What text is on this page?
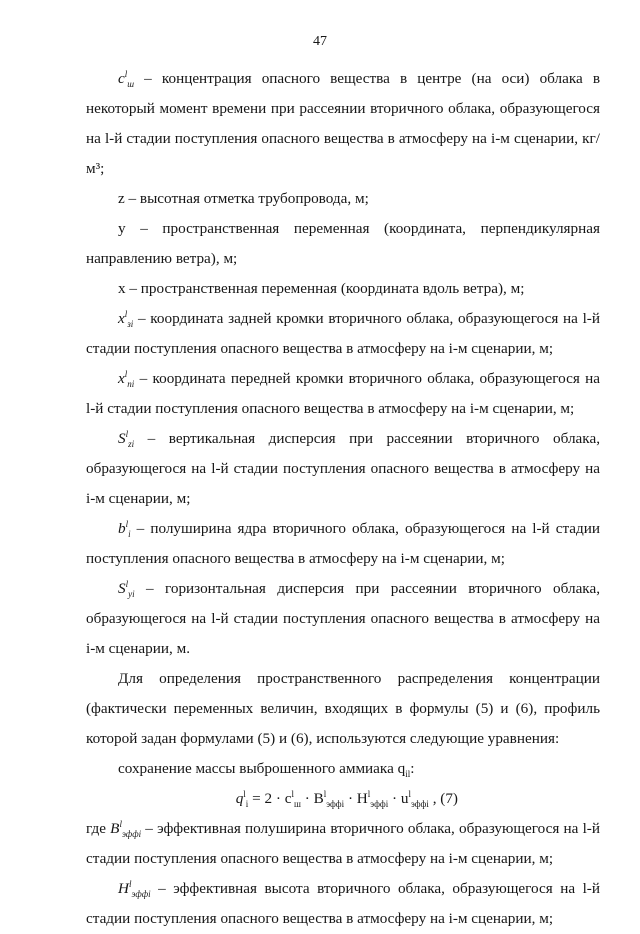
47
$c^l_ш$ – концентрация опасного вещества в центре (на оси) облака в некоторый момент времени при рассеянии вторичного облака, образующегося на l-й стадии поступления опасного вещества в атмосферу на i-м сценарии, кг/м³;
z – высотная отметка трубопровода, м;
у – пространственная переменная (координата, перпендикулярная направлению ветра), м;
х – пространственная переменная (координата вдоль ветра), м;
$x^l_{зi}$ – координата задней кромки вторичного облака, образующегося на l-й стадии поступления опасного вещества в атмосферу на i-м сценарии, м;
$x^l_{пi}$ – координата передней кромки вторичного облака, образующегося на l-й стадии поступления опасного вещества в атмосферу на i-м сценарии, м;
$S^l_{zi}$ – вертикальная дисперсия при рассеянии вторичного облака, образующегося на l-й стадии поступления опасного вещества в атмосферу на i-м сценарии, м;
$b^l_i$ – полуширина ядра вторичного облака, образующегося на l-й стадии поступления опасного вещества в атмосферу на i-м сценарии, м;
$S^l_{yi}$ – горизонтальная дисперсия при рассеянии вторичного облака, образующегося на l-й стадии поступления опасного вещества в атмосферу на i-м сценарии, м.
Для определения пространственного распределения концентрации (фактически переменных величин, входящих в формулы (5) и (6), профиль которой задан формулами (5) и (6), используются следующие уравнения:
сохранение массы выброшенного аммиака $q_{il}$:
$q^l_i = 2 \cdot c^l_ш \cdot B^l_{эффi} \cdot H^l_{эффi} \cdot u^l_{эффi}$ , (7)
где $B^l_{эффi}$ – эффективная полуширина вторичного облака, образующегося на l-й стадии поступления опасного вещества в атмосферу на i-м сценарии, м;
$H^l_{эффi}$ – эффективная высота вторичного облака, образующегося на l-й стадии поступления опасного вещества в атмосферу на i-м сценарии, м;
